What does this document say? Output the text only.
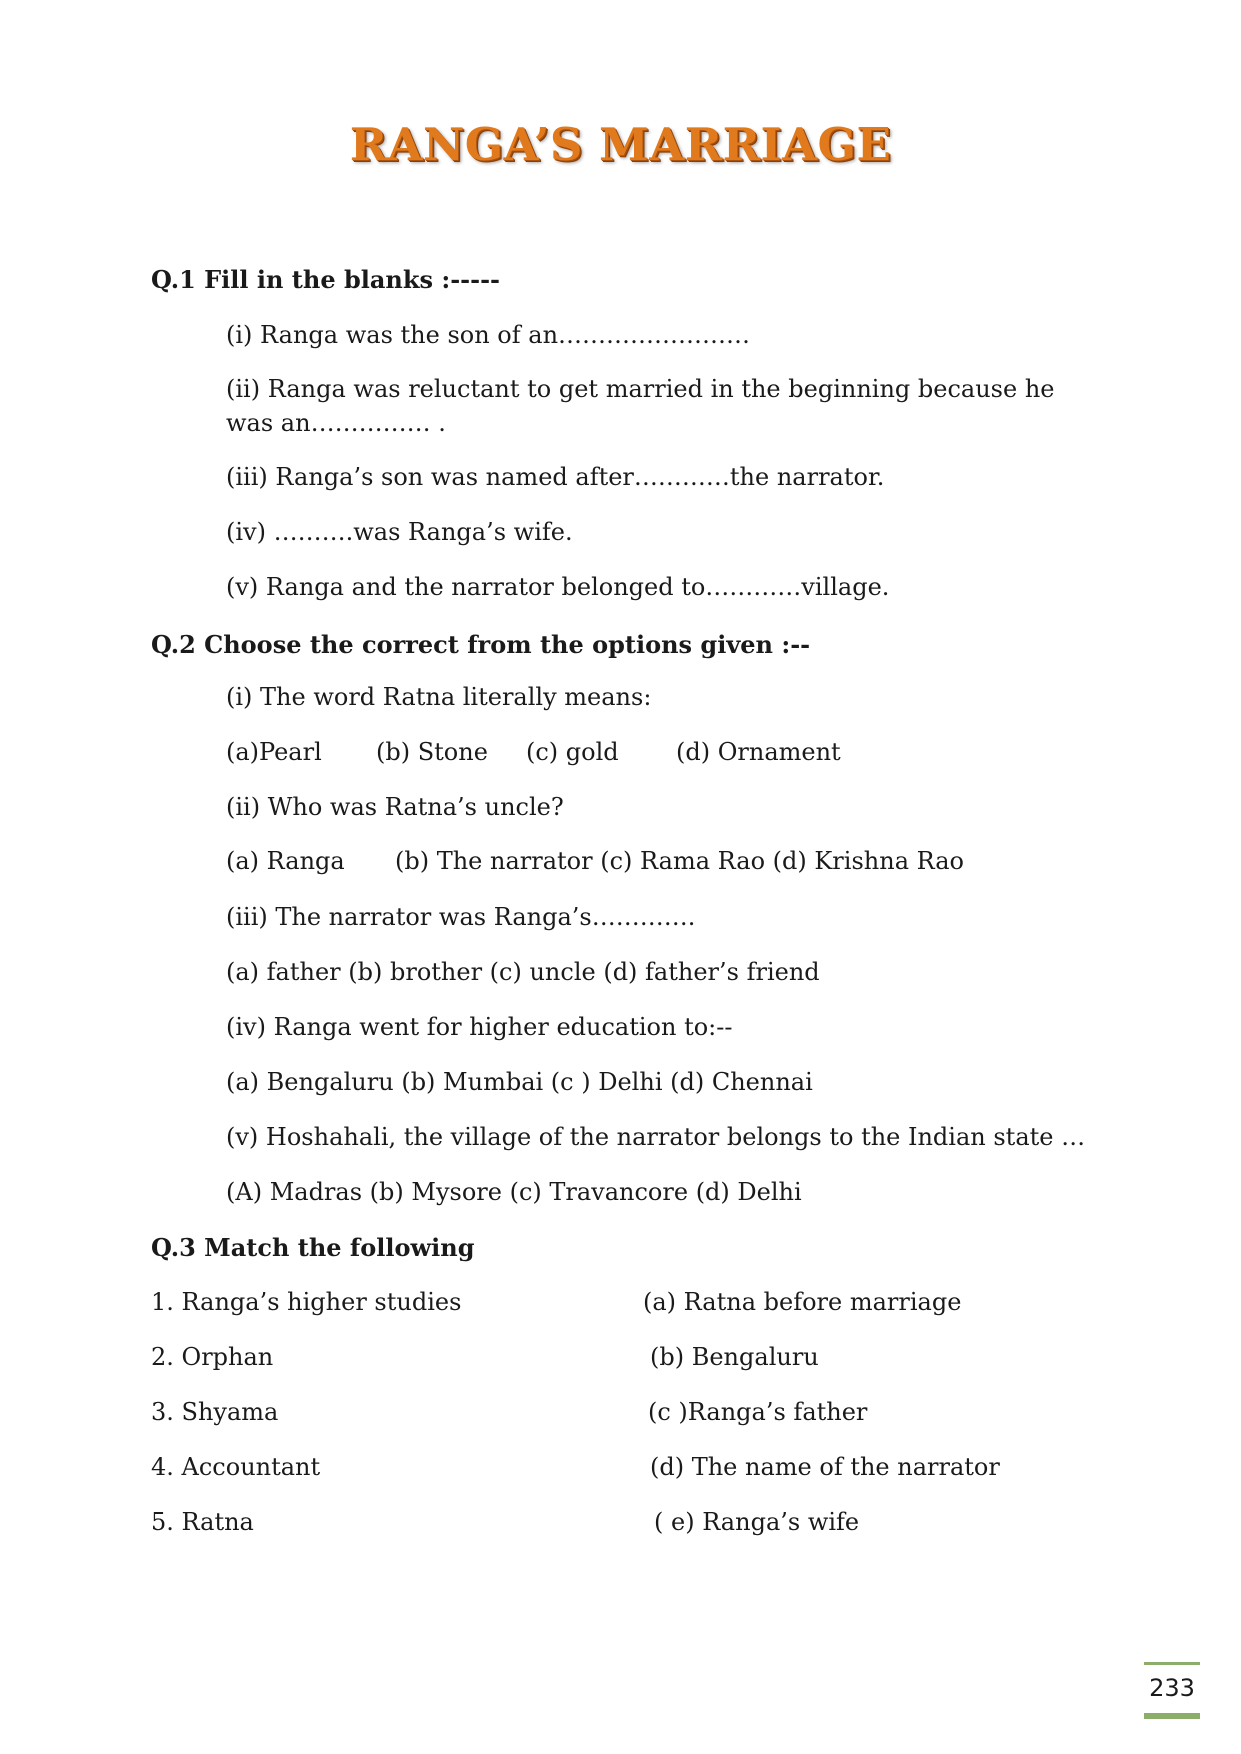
RANGA’S MARRIAGE
Q.1 Fill in the blanks :-----
(i) Ranga was the son of an……………………
(ii) Ranga was reluctant to get married in the beginning because he was an…………… .
(iii) Ranga’s son was named after…………the narrator.
(iv) ……….was Ranga’s wife.
(v) Ranga and the narrator belonged to…………village.
Q.2 Choose the correct from the options given :--
(i) The word Ratna literally means:
(a)Pearl (b) Stone (c) gold (d) Ornament
(ii) Who was Ratna’s uncle?
(a) Ranga (b) The narrator (c) Rama Rao (d) Krishna Rao
(iii) The narrator was Ranga’s………….
(a) father (b) brother (c) uncle (d) father’s friend
(iv) Ranga went for higher education to:--
(a) Bengaluru (b) Mumbai (c ) Delhi (d) Chennai
(v) Hoshahali, the village of the narrator belongs to the Indian state …
(A) Madras (b) Mysore (c) Travancore (d) Delhi
Q.3 Match the following
1. Ranga’s higher studies
2. Orphan
3. Shyama
4. Accountant
5. Ratna
(a) Ratna before marriage
(b) Bengaluru
(c )Ranga’s father
(d) The name of the narrator
( e) Ranga’s wife
233
